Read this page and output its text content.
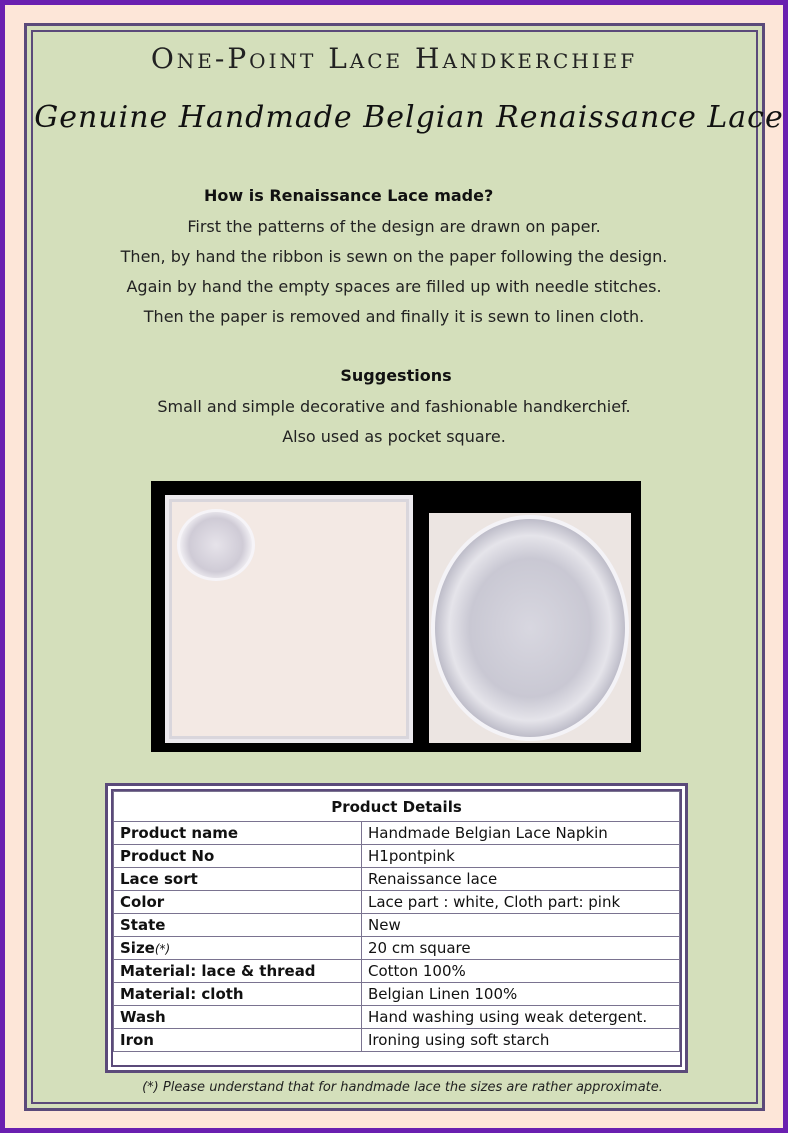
One-Point Lace Handkerchief
Genuine Handmade Belgian Renaissance Lace
How is Renaissance Lace made?
First the patterns of the design are drawn on paper.
Then, by hand the ribbon is sewn on the paper following the design.
Again by hand the empty spaces are filled up with needle stitches.
Then the paper is removed and finally it is sewn to linen cloth.
Suggestions
Small and simple decorative and fashionable handkerchief.
Also used as pocket square.
Product Details	
Product name	Handmade Belgian Lace Napkin
Product No	H1pontpink
Lace sort	Renaissance lace
Color	Lace part : white, Cloth part: pink
State	New
Size(*)	20 cm square
Material: lace & thread	Cotton 100%
Material: cloth	Belgian Linen 100%
Wash	Hand washing using weak detergent.
Iron	Ironing using soft starch
(*) Please understand that for handmade lace the sizes are rather approximate.
